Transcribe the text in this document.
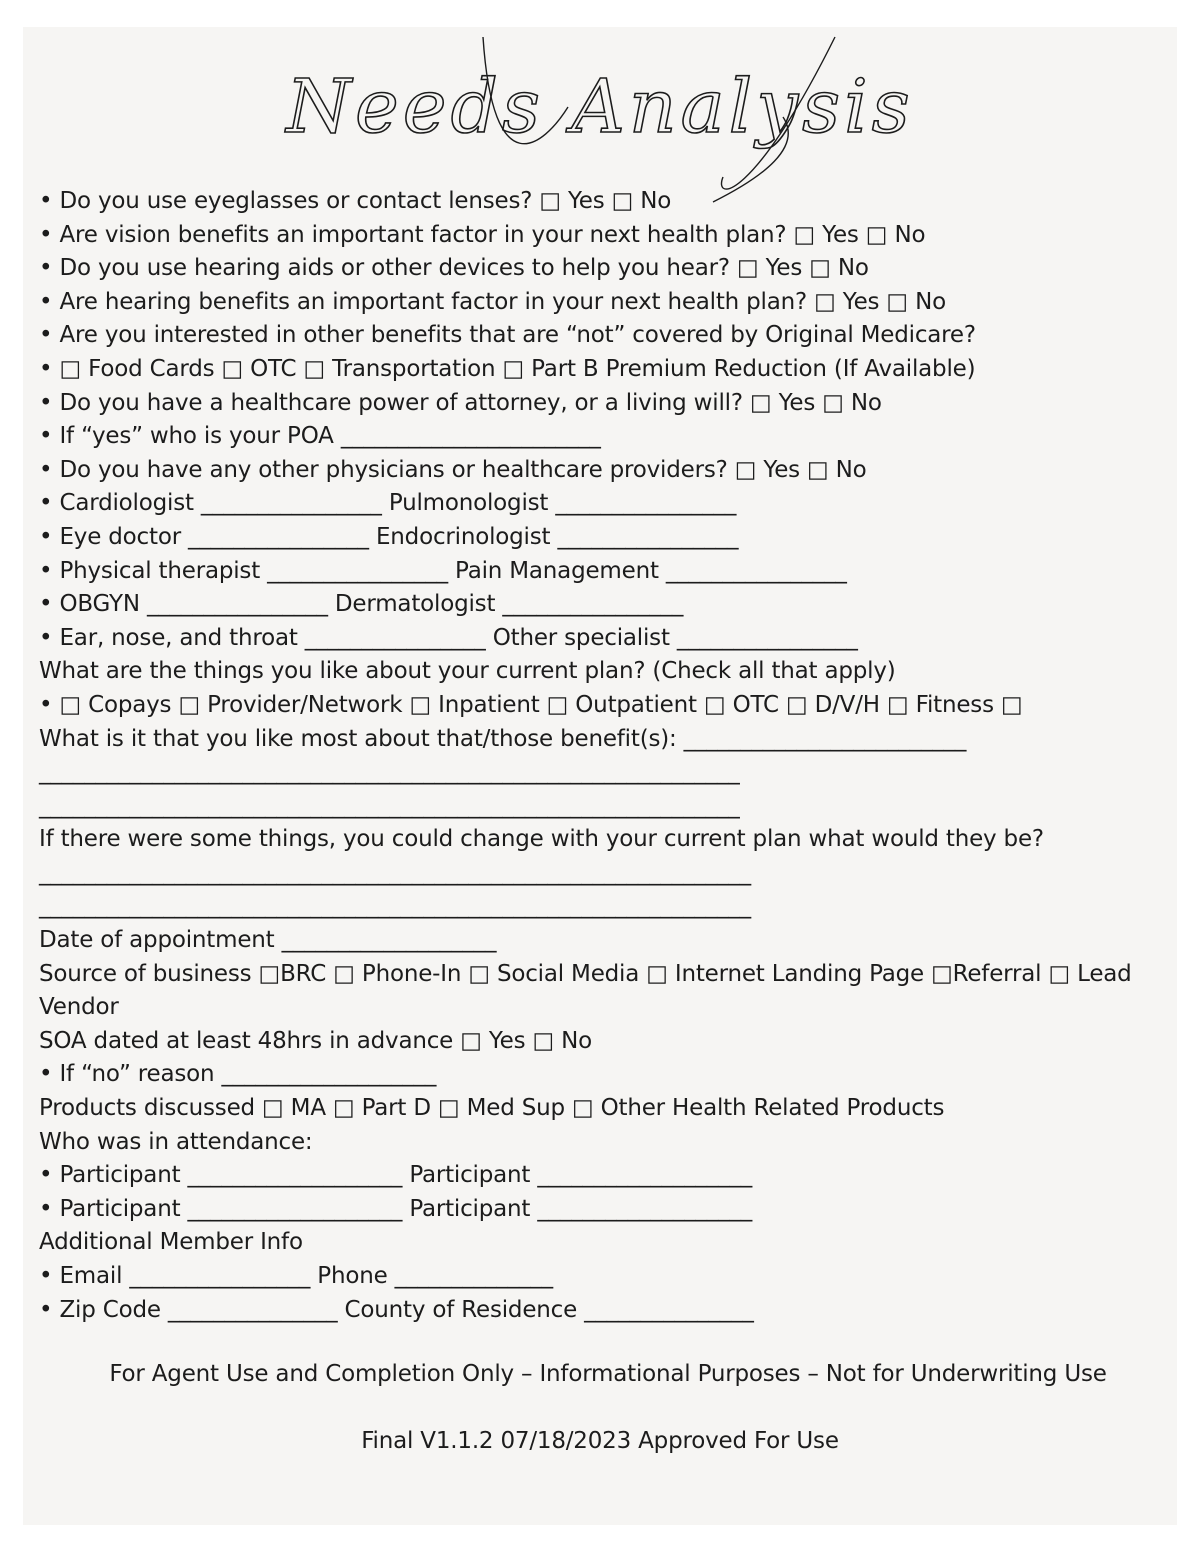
Needs Analysis
• Do you use eyeglasses or contact lenses? □ Yes □ No
• Are vision benefits an important factor in your next health plan? □ Yes □ No
• Do you use hearing aids or other devices to help you hear? □ Yes □ No
• Are hearing benefits an important factor in your next health plan? □ Yes □ No
• Are you interested in other benefits that are “not” covered by Original Medicare?
• □ Food Cards □ OTC □ Transportation □ Part B Premium Reduction (If Available)
• Do you have a healthcare power of attorney, or a living will? □ Yes □ No
• If “yes” who is your POA _______________________
• Do you have any other physicians or healthcare providers? □ Yes □ No
• Cardiologist ________________ Pulmonologist ________________
• Eye doctor ________________ Endocrinologist ________________
• Physical therapist ________________ Pain Management ________________
• OBGYN ________________ Dermatologist ________________
• Ear, nose, and throat ________________ Other specialist ________________
What are the things you like about your current plan? (Check all that apply)
• □ Copays □ Provider/Network □ Inpatient □ Outpatient □ OTC □ D/V/H □ Fitness □
What is it that you like most about that/those benefit(s): _________________________
______________________________________________________________
______________________________________________________________
If there were some things, you could change with your current plan what would they be?
_______________________________________________________________
_______________________________________________________________
Date of appointment ___________________
Source of business □BRC □ Phone-In □ Social Media □ Internet Landing Page □Referral □ Lead Vendor
SOA dated at least 48hrs in advance □ Yes □ No
• If “no” reason ___________________
Products discussed □ MA □ Part D □ Med Sup □ Other Health Related Products
Who was in attendance:
• Participant ___________________ Participant ___________________
• Participant ___________________ Participant ___________________
Additional Member Info
• Email ________________ Phone ______________
• Zip Code _______________ County of Residence _______________
For Agent Use and Completion Only – Informational Purposes – Not for Underwriting Use
Final V1.1.2 07/18/2023 Approved For Use
